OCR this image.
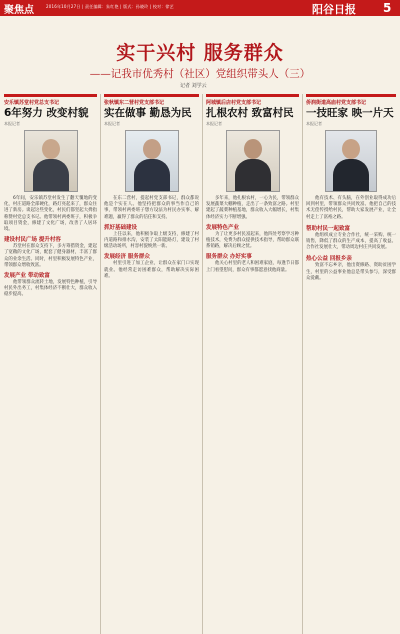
聚焦点	2016年10月27日 | 责任编辑：朱红艳 | 版式：孙晓玲 | 校对：徐艺	阳谷日报 5
实干兴村 服务群众
——记我市优秀村（社区）党组织带头人（三）
记者 刘学云
安乐镇苏堂村党总支书记
6年努力 改变村貌
本报记者

6年间，安乐镇苏堂村发生了翻天覆地的变化，村庄道路全部硬化，路灯亮起来了，群众住进了新房。谈起这些变化，村民们都竖起大拇指称赞村党总支书记。他带领村两委班子，积极争取项目资金，修建了文化广场，改善了人居环境。

建设村民广场 提升村容

苏堂村在群众支持下，多方筹措资金，建起了宽敞的文化广场，配套了健身器材，丰富了群众的业余生活。同时，村里积极发展特色产业，带领群众增收致富。

发展产业 带动致富

他带领群众流转土地，发展特色种植，引导村民外出务工，村集体经济不断壮大，群众收入稳步提高。

张秋镇东二营村党支部书记
实在做事 勤恳为民
本报记者

在东二营村，提起村党支部书记，群众都说他是个实在人。他坚持把群众的事当作自己的事，带领村两委班子想方设法为村民办实事、解难题，赢得了群众的信任和支持。

抓好基础建设

上任以来，他积极争取上级支持，修建了村内道路和排水沟，安装了太阳能路灯，建设了村级活动场所，村容村貌焕然一新。

发展经济 服务群众

村里引进了加工企业，让群众在家门口实现就业。他经常走访困难群众，帮助解决实际困难。

阿城镇后店村党支部书记
扎根农村 致富村民
本报记者

多年来，他扎根农村，一心为民，带领群众发展蔬菜大棚种植，走出了一条致富之路。村里建起了蔬菜种植基地，群众收入大幅增长，村集体经济实力不断增强。

发展特色产业

为了让更多村民富起来，他四处考察学习种植技术，免费为群众提供技术指导，帮助群众联系销路，解决后顾之忧。

服务群众 办好实事

他关心村里的老人和困难家庭，每逢节日都上门看望慰问，群众有事都愿意找他商量。

侨润街道高庙村党支部书记
一技旺家 映一片天
本报记者

他有技术、有头脑，在外创业取得成功后回到村里，带领群众共同致富。他把自己的技术无偿传授给村民，帮助大家发展产业，让全村走上了富裕之路。

帮助村民一起致富

他组织成立专业合作社，统一采购、统一销售，降低了群众的生产成本，提高了收益。合作社发展壮大，带动周边村庄共同发展。

热心公益 回报乡亲

致富不忘乡亲，他出资修路、资助贫困学生，村里的公益事业他总是带头参与，深受群众爱戴。
